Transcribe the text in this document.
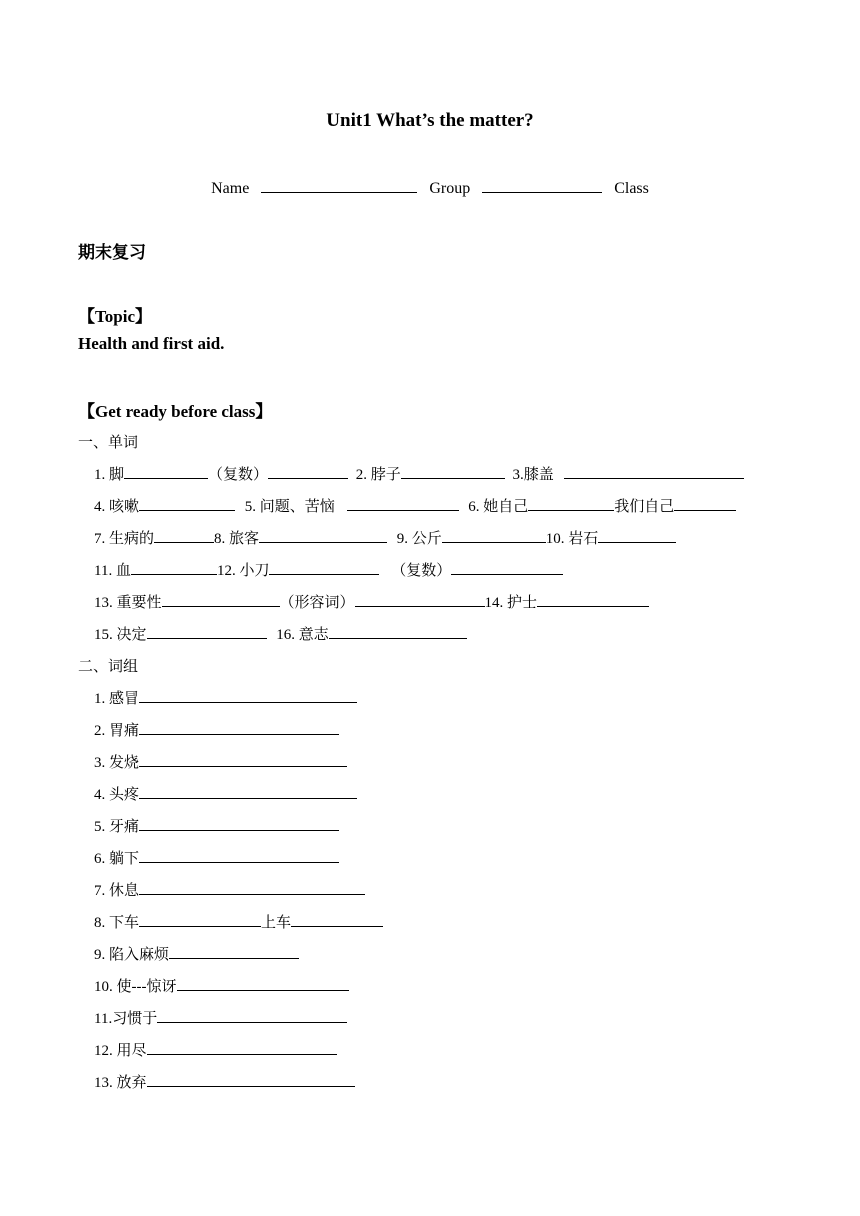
Unit1 What’s the matter?
Name	Group	Class
期末复习
【Topic】
Health and first aid.
【Get ready before class】
一、单词
1. 脚	（复数）	2. 脖子	3.膝盖
4. 咳嗽	5. 问题、苦恼	6. 她自己	我们自己
7. 生病的	8. 旅客	9. 公斤	10. 岩石
11. 血	12. 小刀	（复数）
13. 重要性	（形容词）	14. 护士
15. 决定	16. 意志
二、词组
1. 感冒
2. 胃痛
3. 发烧
4. 头疼
5. 牙痛
6. 躺下
7. 休息
8. 下车	上车
9. 陷入麻烦
10. 使---惊讶
11.习惯于
12. 用尽
13. 放弃
